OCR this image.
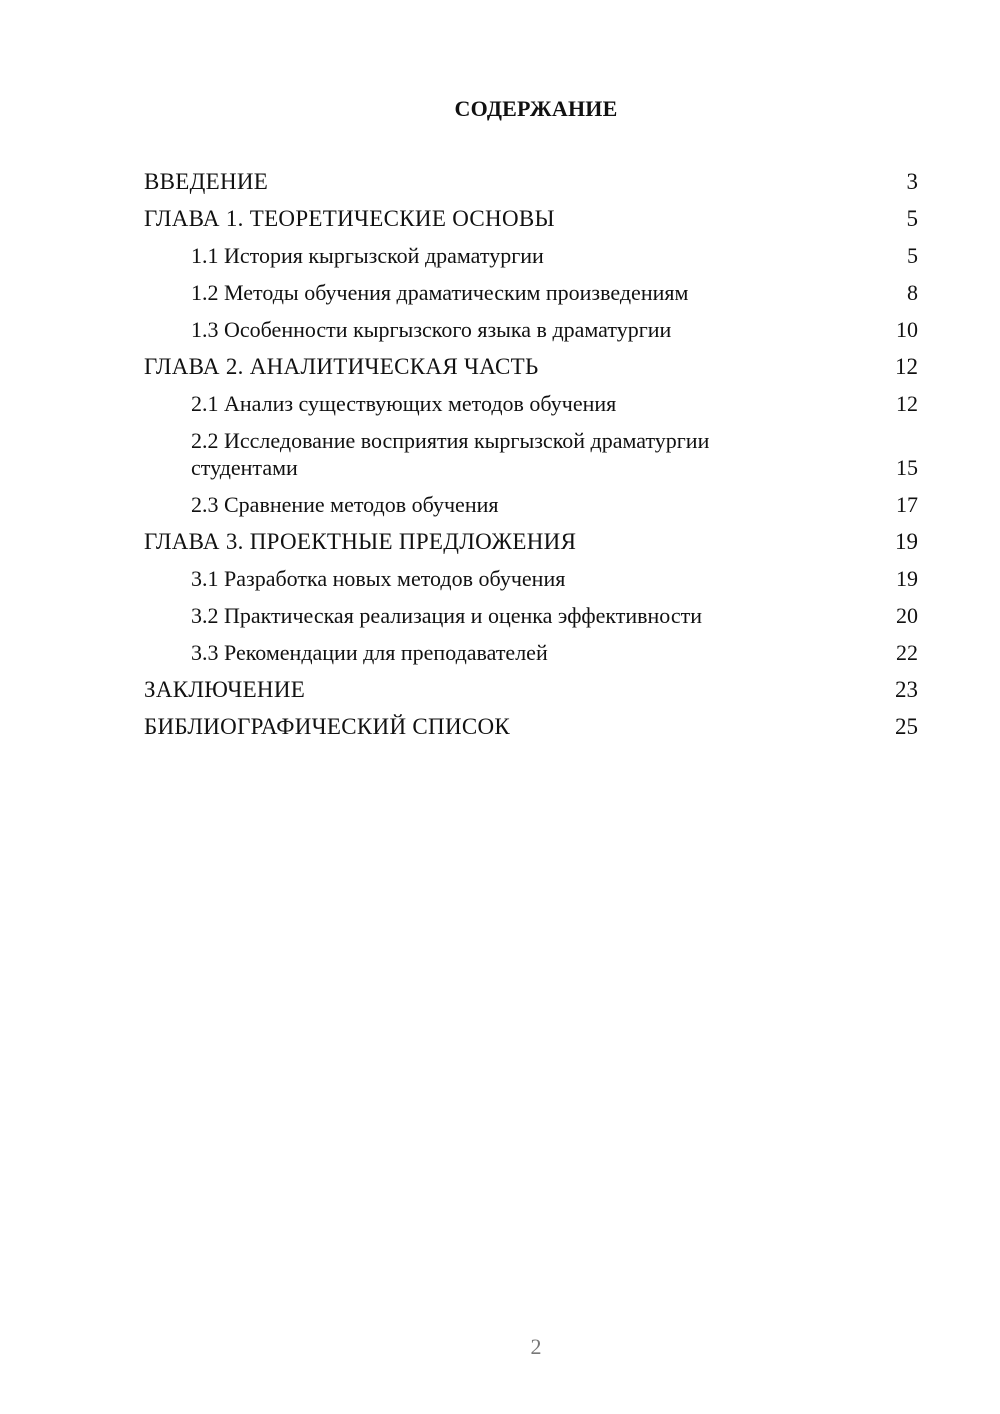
СОДЕРЖАНИЕ
ВВЕДЕНИЕ	3
ГЛАВА 1. ТЕОРЕТИЧЕСКИЕ ОСНОВЫ	5
1.1 История кыргызской драматургии	5
1.2 Методы обучения драматическим произведениям	8
1.3 Особенности кыргызского языка в драматургии	10
ГЛАВА 2. АНАЛИТИЧЕСКАЯ ЧАСТЬ	12
2.1 Анализ существующих методов обучения	12
2.2 Исследование восприятия кыргызской драматургии студентами	15
2.3 Сравнение методов обучения	17
ГЛАВА 3. ПРОЕКТНЫЕ ПРЕДЛОЖЕНИЯ	19
3.1 Разработка новых методов обучения	19
3.2 Практическая реализация и оценка эффективности	20
3.3 Рекомендации для преподавателей	22
ЗАКЛЮЧЕНИЕ	23
БИБЛИОГРАФИЧЕСКИЙ СПИСОК	25
2
